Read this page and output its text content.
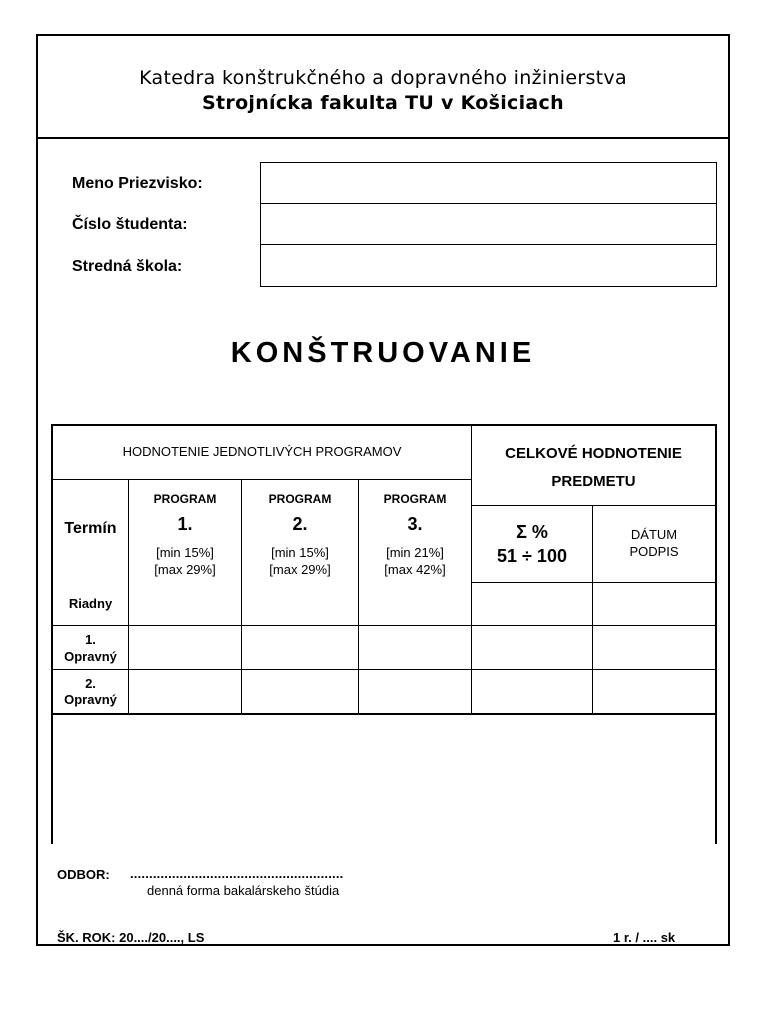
Katedra konštrukčného a dopravného inžinierstva
Strojnícka fakulta TU v Košiciach
Meno Priezvisko:
Číslo študenta:
Stredná škola:
KONŠTRUOVANIE
HODNOTENIE JEDNOTLIVÝCH PROGRAMOV	CELKOVÉ HODNOTENIE PREDMETU
Termín
PROGRAM
1.
[min 15%]
[max 29%]
PROGRAM
2.
[min 15%]
[max 29%]
PROGRAM
3.
[min 21%]
[max 42%]
Σ %
51 ÷ 100
DÁTUM
PODPIS
Riadny
1.
Opravný
2.
Opravný
ODBOR: ........................................................
denná forma bakalárskeho štúdia
ŠK. ROK: 20..../20...., LS	1 r. / .... sk
